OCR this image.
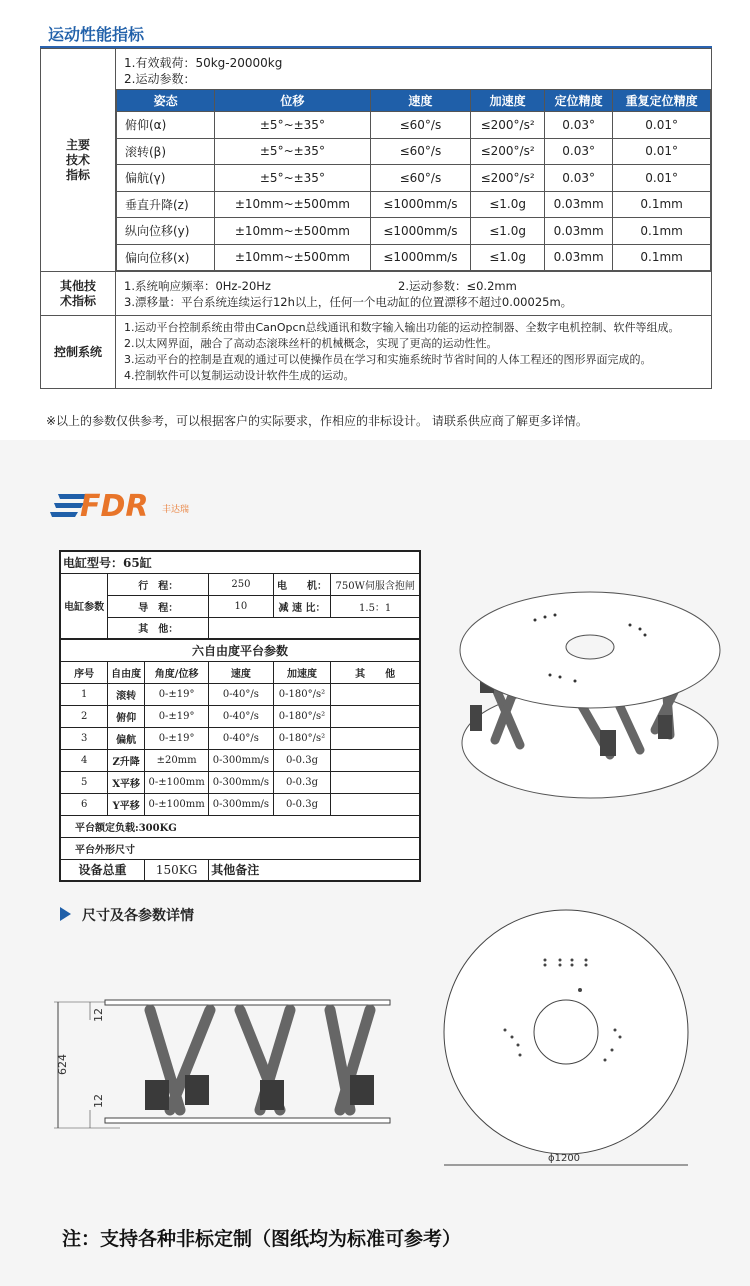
运动性能指标
主要
技术
指标

1.有效载荷：50kg-20000kg
2.运动参数：
姿态	位移	速度	加速度	定位精度	重复定位精度
俯仰(α)	±5°~±35°	≤60°/s	≤200°/s²	0.03°	0.01°
滚转(β)	±5°~±35°	≤60°/s	≤200°/s²	0.03°	0.01°
偏航(γ)	±5°~±35°	≤60°/s	≤200°/s²	0.03°	0.01°
垂直升降(z)	±10mm~±500mm	≤1000mm/s	≤1.0g	0.03mm	0.1mm
纵向位移(y)	±10mm~±500mm	≤1000mm/s	≤1.0g	0.03mm	0.1mm
偏向位移(x)	±10mm~±500mm	≤1000mm/s	≤1.0g	0.03mm	0.1mm

其他技
术指标

1.系统响应频率：0Hz-20Hz	2.运动参数：≤0.2mm
3.漂移量：平台系统连续运行12h以上，任何一个电动缸的位置漂移不超过0.00025m。

控制系统	
1.运动平台控制系统由带由CanOpcn总线通讯和数字输入输出功能的运动控制器、全数字电机控制、软件等组成。
2.以太网界面，融合了高动态滚珠丝杆的机械概念，实现了更高的运动性性。
3.运动平台的控制是直观的通过可以使操作员在学习和实施系统时节省时间的人体工程还的图形界面完成的。
4.控制软件可以复制运动设计软件生成的运动。
※以上的参数仅供参考，可以根据客户的实际要求，作相应的非标设计。 请联系供应商了解更多详情。
FDR 丰达瑞
电缸型号：65缸					
电缸参数	行　程：		250	电　　机：	750W伺服含抱闸
	导　程：		10	减 速 比：	1.5：1
	其　他：				
六自由度平台参数					
序号	自由度	角度/位移	速度	加速度	其　　他
1	滚转	0-±19°	0-40°/s	0-180°/s²	
2	俯仰	0-±19°	0-40°/s	0-180°/s²	
3	偏航	0-±19°	0-40°/s	0-180°/s²	
4	Z升降	±20mm	0-300mm/s	0-0.3g	
5	X平移	0-±100mm	0-300mm/s	0-0.3g	
6	Y平移	0-±100mm	0-300mm/s	0-0.3g	
平台额定负载:300KG					
平台外形尺寸					
设备总重		150KG	其他备注		
尺寸及各参数详情
624
12
12
ɸ1200
注：支持各种非标定制（图纸均为标准可参考）
